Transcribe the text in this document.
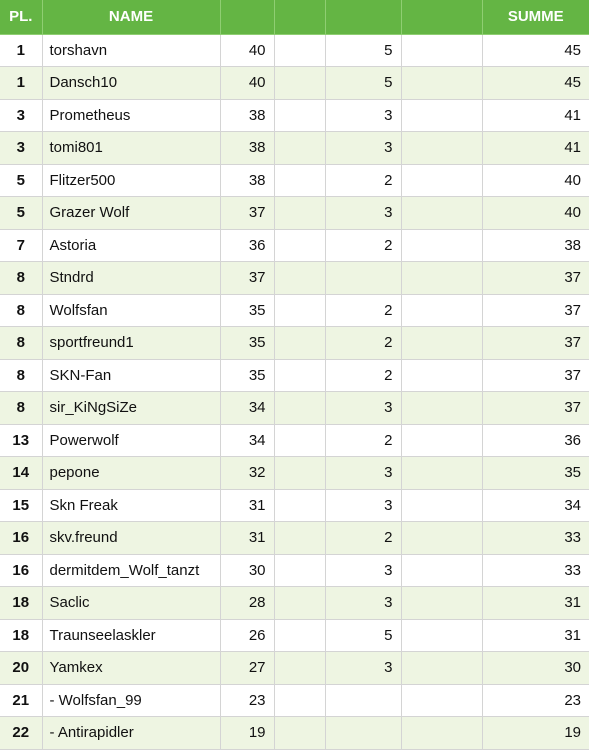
PL.	NAME					SUMME
1	torshavn	40		5		45
1	Dansch10	40		5		45
3	Prometheus	38		3		41
3	tomi801	38		3		41
5	Flitzer500	38		2		40
5	Grazer Wolf	37		3		40
7	Astoria	36		2		38
8	Stndrd	37				37
8	Wolfsfan	35		2		37
8	sportfreund1	35		2		37
8	SKN-Fan	35		2		37
8	sir_KiNgSiZe	34		3		37
13	Powerwolf	34		2		36
14	pepone	32		3		35
15	Skn Freak	31		3		34
16	skv.freund	31		2		33
16	dermitdem_Wolf_tanzt	30		3		33
18	Saclic	28		3		31
18	Traunseelaskler	26		5		31
20	Yamkex	27		3		30
21	- Wolfsfan_99	23				23
22	- Antirapidler	19				19
